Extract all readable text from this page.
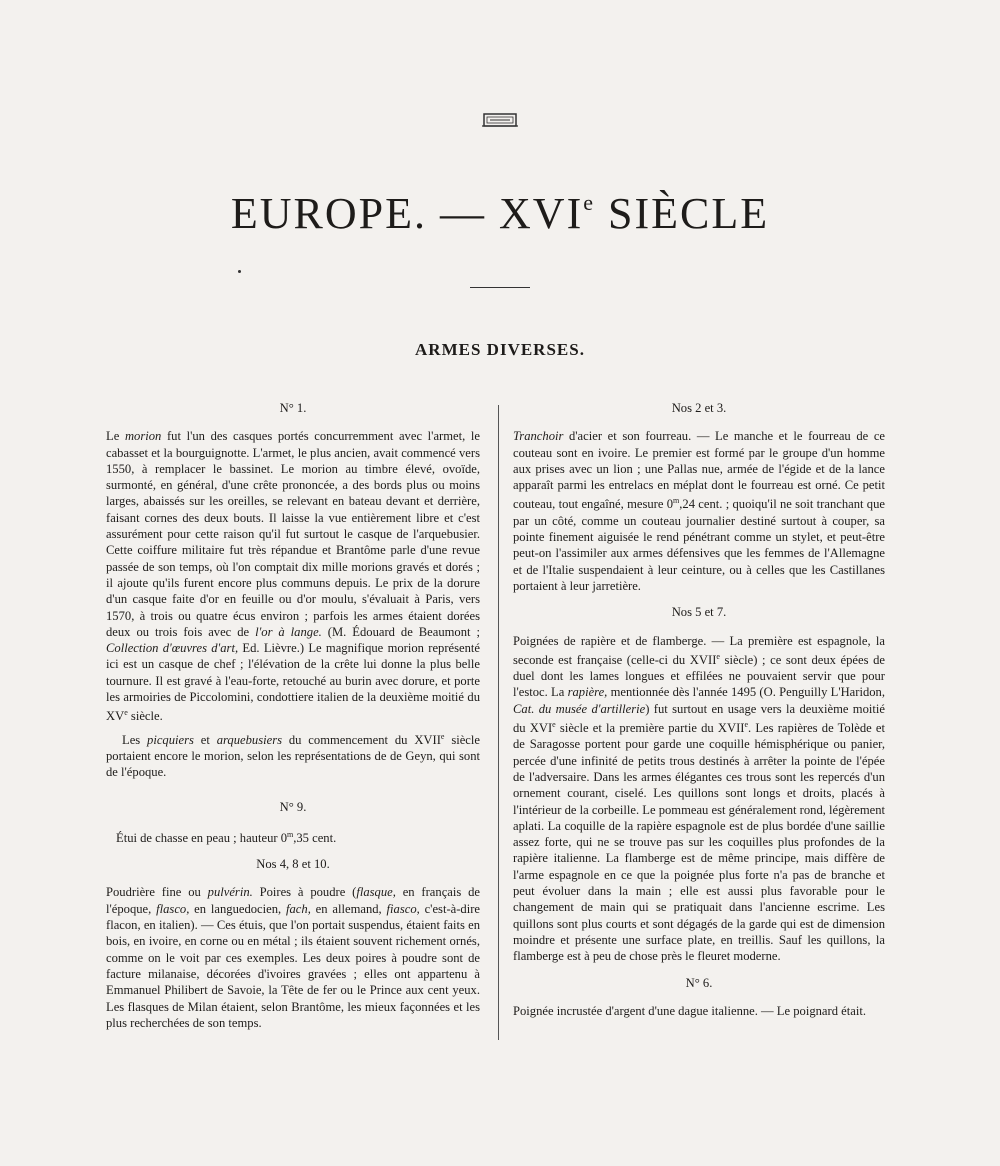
EUROPE. — XVIe SIÈCLE
ARMES DIVERSES.

N° 1.

Le morion fut l'un des casques portés concurremment avec l'armet, le cabasset et la bourguignotte. L'armet, le plus ancien, avait commencé vers 1550, à remplacer le bassinet. Le morion au timbre élevé, ovoïde, surmonté, en général, d'une crête prononcée, a des bords plus ou moins larges, abaissés sur les oreilles, se relevant en bateau devant et derrière, faisant cornes des deux bouts. Il laisse la vue entièrement libre et c'est assurément pour cette raison qu'il fut surtout le casque de l'arquebusier. Cette coiffure militaire fut très répandue et Brantôme parle d'une revue passée de son temps, où l'on comptait dix mille morions gravés et dorés ; il ajoute qu'ils furent encore plus communs depuis. Le prix de la dorure d'un casque faite d'or en feuille ou d'or moulu, s'évaluait à Paris, vers 1570, à trois ou quatre écus environ ; parfois les armes étaient dorées deux ou trois fois avec de l'or à lange. (M. Édouard de Beaumont ; Collection d'œuvres d'art, Ed. Lièvre.) Le magnifique morion représenté ici est un casque de chef ; l'élévation de la crête lui donne la plus belle tournure. Il est gravé à l'eau-forte, retouché au burin avec dorure, et porte les armoiries de Piccolomini, condottiere italien de la deuxième moitié du XVe siècle.

Les picquiers et arquebusiers du commencement du XVIIe siècle portaient encore le morion, selon les représentations de de Geyn, qui sont de l'époque.

N° 9.

Étui de chasse en peau ; hauteur 0$^m$,35 cent.

Nos 4, 8 et 10.

Poudrière fine ou pulvérin. Poires à poudre (flasque, en français de l'époque, flasco, en languedocien, fach, en allemand, fiasco, c'est-à-dire flacon, en italien). — Ces étuis, que l'on portait suspendus, étaient faits en bois, en ivoire, en corne ou en métal ; ils étaient souvent richement ornés, comme on le voit par ces exemples. Les deux poires à poudre sont de facture milanaise, décorées d'ivoires gravées ; elles ont appartenu à Emmanuel Philibert de Savoie, la Tête de fer ou le Prince aux cent yeux. Les flasques de Milan étaient, selon Brantôme, les mieux façonnées et les plus recherchées de son temps.

Nos 2 et 3.

Tranchoir d'acier et son fourreau. — Le manche et le fourreau de ce couteau sont en ivoire. Le premier est formé par le groupe d'un homme aux prises avec un lion ; une Pallas nue, armée de l'égide et de la lance apparaît parmi les entrelacs en méplat dont le fourreau est orné. Ce petit couteau, tout engaîné, mesure 0$^m$,24 cent. ; quoiqu'il ne soit tranchant que par un côté, comme un couteau journalier destiné surtout à couper, sa pointe finement aiguisée le rend pénétrant comme un stylet, et peut-être peut-on l'assimiler aux armes défensives que les femmes de l'Allemagne et de l'Italie suspendaient à leur ceinture, ou à celles que les Castillanes portaient à leur jarretière.

Nos 5 et 7.

Poignées de rapière et de flamberge. — La première est espagnole, la seconde est française (celle-ci du XVIIe siècle) ; ce sont deux épées de duel dont les lames longues et effilées ne pouvaient servir que pour l'estoc. La rapière, mentionnée dès l'année 1495 (O. Penguilly L'Haridon, Cat. du musée d'artillerie) fut surtout en usage vers la deuxième moitié du XVIe siècle et la première partie du XVIIe. Les rapières de Tolède et de Saragosse portent pour garde une coquille hémisphérique ou panier, percée d'une infinité de petits trous destinés à arrêter la pointe de l'épée de l'adversaire. Dans les armes élégantes ces trous sont les repercés d'un ornement courant, ciselé. Les quillons sont longs et droits, placés à l'intérieur de la corbeille. Le pommeau est généralement rond, légèrement aplati. La coquille de la rapière espagnole est de plus bordée d'une saillie assez forte, qui ne se trouve pas sur les coquilles plus profondes de la rapière italienne. La flamberge est de même principe, mais diffère de l'arme espagnole en ce que la poignée plus forte n'a pas de branche et peut évoluer dans la main ; elle est aussi plus favorable pour le changement de main qui se pratiquait dans l'ancienne escrime. Les quillons sont plus courts et sont dégagés de la garde qui est de dimension moindre et présente une surface plate, en treillis. Sauf les quillons, la flamberge est à peu de chose près le fleuret moderne.

N° 6.

Poignée incrustée d'argent d'une dague italienne. — Le poignard était.
